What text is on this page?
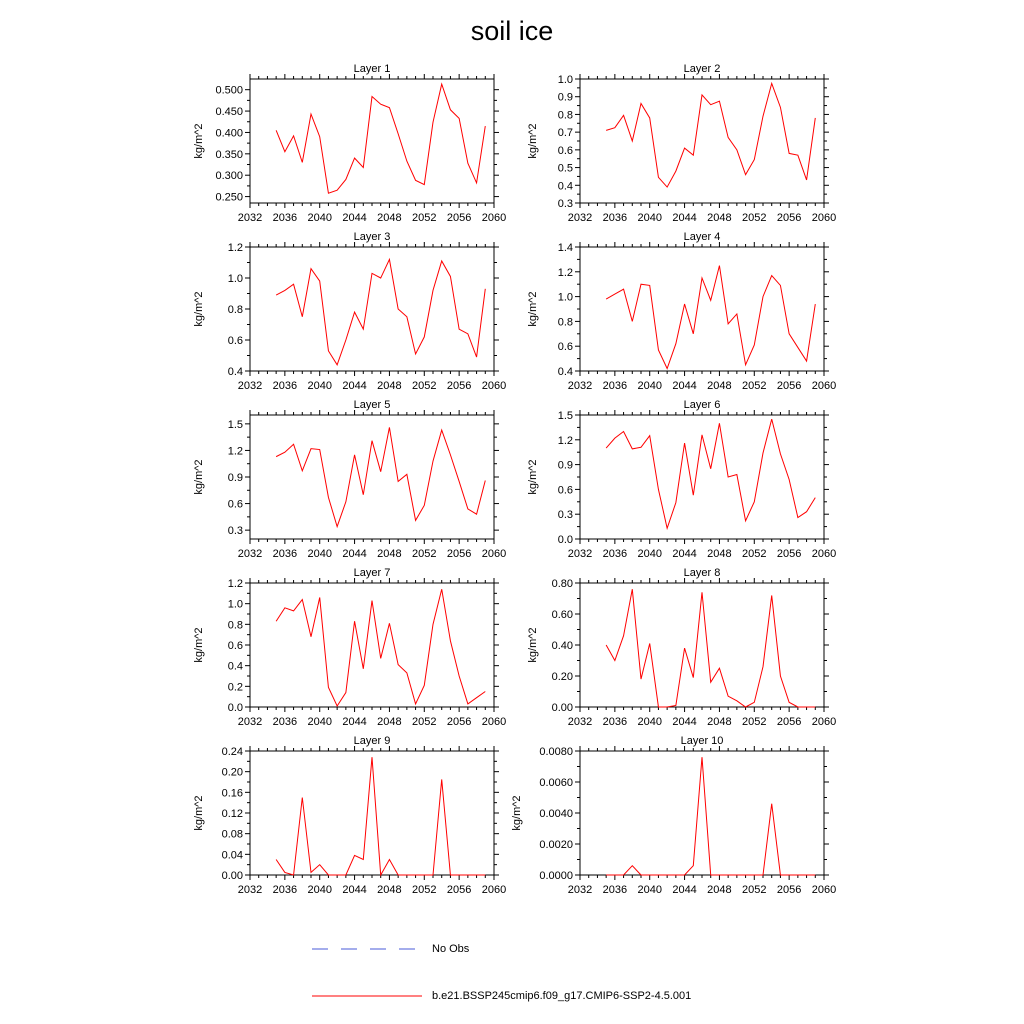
soil ice
Layer 1
2032 2036 2040 2044 2048 2052 2056 2060
0.250
0.300
0.350
0.400
0.450
0.500
kg/m^2
Layer 2
2032 2036 2040 2044 2048 2052 2056 2060
0.3
0.4
0.5
0.6
0.7
0.8
0.9
1.0
kg/m^2
Layer 3
2032 2036 2040 2044 2048 2052 2056 2060
0.4
0.6
0.8
1.0
1.2
kg/m^2
Layer 4
2032 2036 2040 2044 2048 2052 2056 2060
0.4
0.6
0.8
1.0
1.2
1.4
kg/m^2
Layer 5
2032 2036 2040 2044 2048 2052 2056 2060
0.3
0.6
0.9
1.2
1.5
kg/m^2
Layer 6
2032 2036 2040 2044 2048 2052 2056 2060
0.0
0.3
0.6
0.9
1.2
1.5
kg/m^2
Layer 7
2032 2036 2040 2044 2048 2052 2056 2060
0.0
0.2
0.4
0.6
0.8
1.0
1.2
kg/m^2
Layer 8
2032 2036 2040 2044 2048 2052 2056 2060
0.00
0.20
0.40
0.60
0.80
kg/m^2
Layer 9
2032 2036 2040 2044 2048 2052 2056 2060
0.00
0.04
0.08
0.12
0.16
0.20
0.24
kg/m^2
Layer 10
2032 2036 2040 2044 2048 2052 2056 2060
0.0000
0.0020
0.0040
0.0060
0.0080
kg/m^2
No Obs
b.e21.BSSP245cmip6.f09_g17.CMIP6-SSP2-4.5.001
